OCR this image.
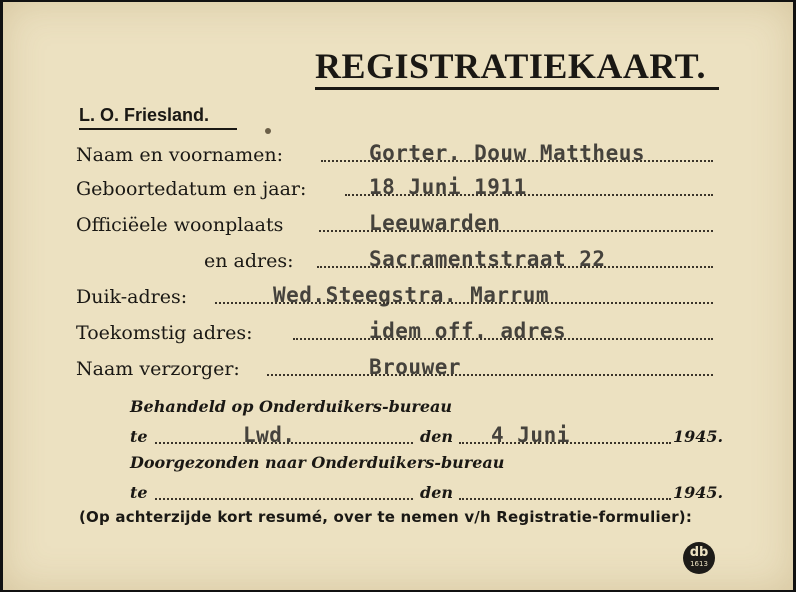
REGISTRATIEKAART.
L. O. Friesland.
Naam en voornamen:	Gorter. Douw Mattheus
Geboortedatum en jaar:	18 Juni 1911
Officiëele woonplaats	Leeuwarden
en adres:	Sacramentstraat 22
Duik-adres:	Wed.Steegstra. Marrum
Toekomstig adres:	idem off. adres
Naam verzorger:	Brouwer
Behandeld op Onderduikers-bureau
te	Lwd.	den 4 Juni	1945.
Doorgezonden naar Onderduikers-bureau
te	den	1945.
(Op achterzijde kort resumé, over te nemen v/h Registratie-formulier):
db
1613
